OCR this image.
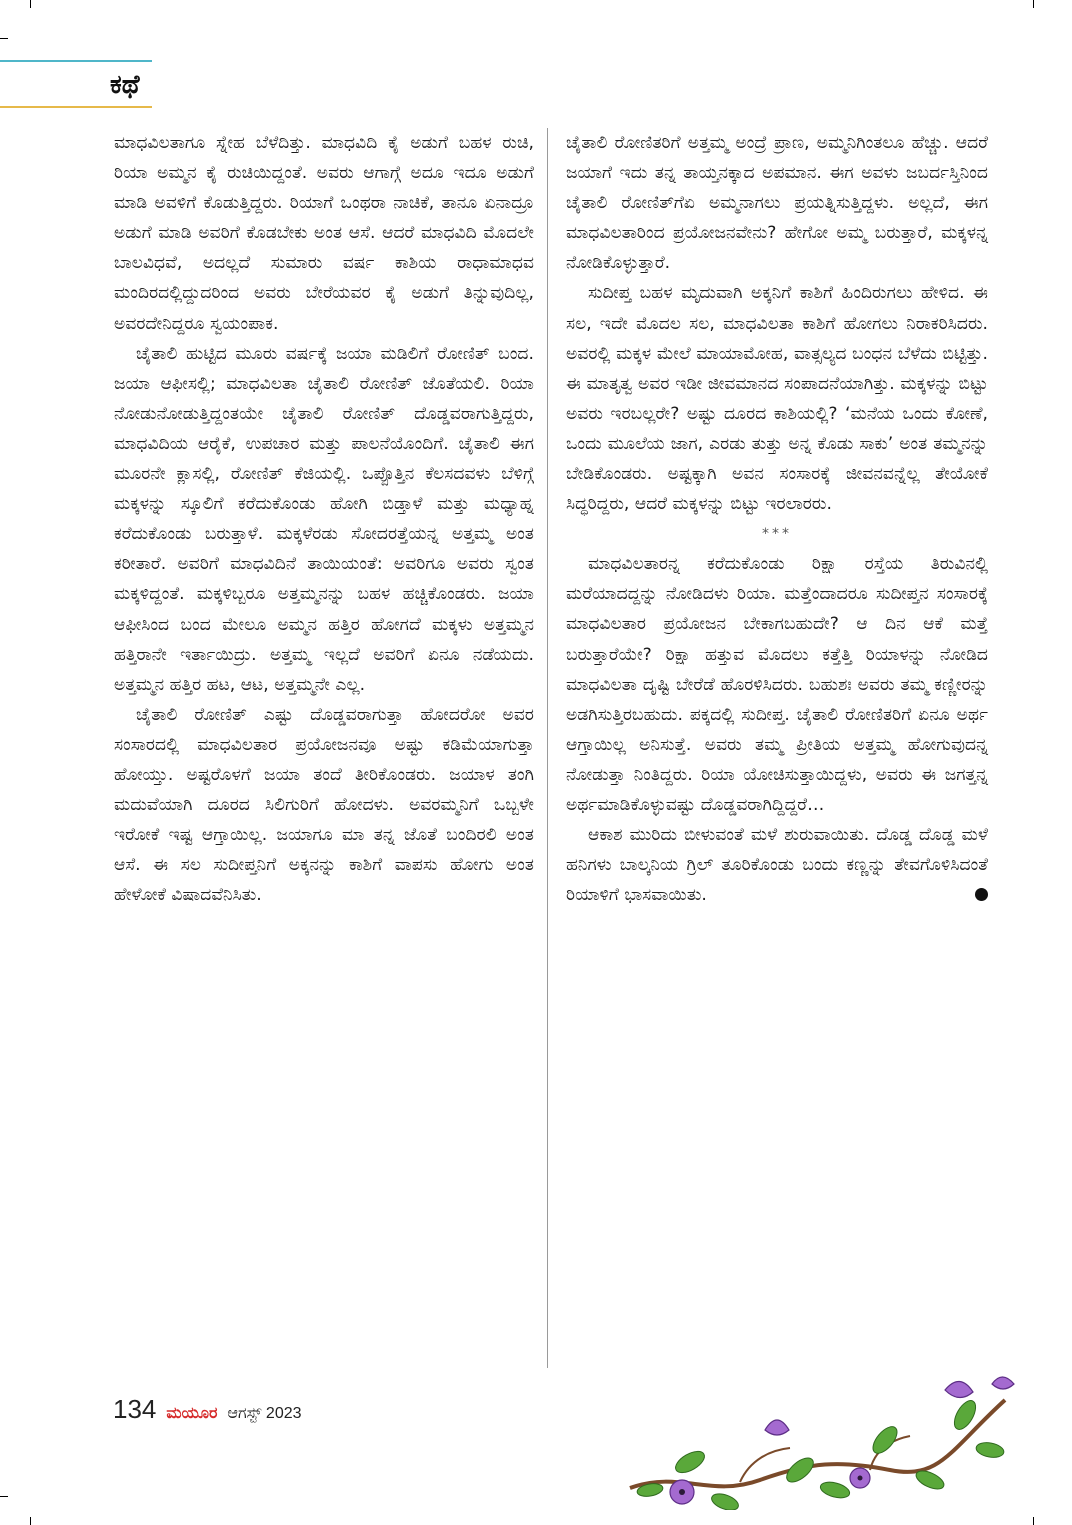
ಕಥೆ

ಮಾಧವಿಲತಾಗೂ ಸ್ನೇಹ ಬೆಳೆದಿತ್ತು. ಮಾಧವಿದಿ ಕೈ ಅಡುಗೆ ಬಹಳ ರುಚಿ, ರಿಯಾ ಅಮ್ಮನ ಕೈ ರುಚಿಯಿದ್ದಂತೆ. ಅವರು ಆಗಾಗ್ಗೆ ಅದೂ ಇದೂ ಅಡುಗೆ ಮಾಡಿ ಅವಳಿಗೆ ಕೊಡುತ್ತಿದ್ದರು. ರಿಯಾಗೆ ಒಂಥರಾ ನಾಚಿಕೆ, ತಾನೂ ಏನಾದ್ರೂ ಅಡುಗೆ ಮಾಡಿ ಅವರಿಗೆ ಕೊಡಬೇಕು ಅಂತ ಆಸೆ. ಆದರೆ ಮಾಧವಿದಿ ಮೊದಲೇ ಬಾಲವಿಧವೆ, ಅದಲ್ಲದೆ ಸುಮಾರು ವರ್ಷ ಕಾಶಿಯ ರಾಧಾಮಾಧವ ಮಂದಿರದಲ್ಲಿದ್ದುದರಿಂದ ಅವರು ಬೇರೆಯವರ ಕೈ ಅಡುಗೆ ತಿನ್ನುವುದಿಲ್ಲ, ಅವರದೇನಿದ್ದರೂ ಸ್ವಯಂಪಾಕ.

ಚೈತಾಲಿ ಹುಟ್ಟಿದ ಮೂರು ವರ್ಷಕ್ಕೆ ಜಯಾ ಮಡಿಲಿಗೆ ರೋಣಿತ್ ಬಂದ. ಜಯಾ ಆಫೀಸಲ್ಲಿ; ಮಾಧವಿಲತಾ ಚೈತಾಲಿ ರೋಣಿತ್ ಜೊತೆಯಲಿ. ರಿಯಾ ನೋಡುನೋಡುತ್ತಿದ್ದಂತಯೇ ಚೈತಾಲಿ ರೋಣಿತ್ ದೊಡ್ಡವರಾಗುತ್ತಿದ್ದರು, ಮಾಧವಿದಿಯ ಆರೈಕೆ, ಉಪಚಾರ ಮತ್ತು ಪಾಲನೆಯೊಂದಿಗೆ. ಚೈತಾಲಿ ಈಗ ಮೂರನೇ ಕ್ಲಾಸಲ್ಲಿ, ರೋಣಿತ್ ಕೆಜಿಯಲ್ಲಿ. ಒಪ್ಪೊತ್ತಿನ ಕೆಲಸದವಳು ಬೆಳಿಗ್ಗೆ ಮಕ್ಕಳನ್ನು ಸ್ಕೂಲಿಗೆ ಕರೆದುಕೊಂಡು ಹೋಗಿ ಬಿಡ್ತಾಳೆ ಮತ್ತು ಮಧ್ಯಾಹ್ನ ಕರೆದುಕೊಂಡು ಬರುತ್ತಾಳೆ. ಮಕ್ಕಳೆರಡು ಸೋದರತ್ತೆಯನ್ನ ಅತ್ತಮ್ಮ ಅಂತ ಕರೀತಾರೆ. ಅವರಿಗೆ ಮಾಧವಿದಿನೆ ತಾಯಿಯಂತೆ: ಅವರಿಗೂ ಅವರು ಸ್ವಂತ ಮಕ್ಕಳಿದ್ದಂತೆ. ಮಕ್ಕಳಿಬ್ಬರೂ ಅತ್ತಮ್ಮನನ್ನು ಬಹಳ ಹಚ್ಚಿಕೊಂಡರು. ಜಯಾ ಆಫೀಸಿಂದ ಬಂದ ಮೇಲೂ ಅಮ್ಮನ ಹತ್ತಿರ ಹೋಗದೆ ಮಕ್ಕಳು ಅತ್ತಮ್ಮನ ಹತ್ತಿರಾನೇ ಇರ್ತಾಯಿದ್ರು. ಅತ್ತಮ್ಮ ಇಲ್ಲದೆ ಅವರಿಗೆ ಏನೂ ನಡೆಯದು. ಅತ್ತಮ್ಮನ ಹತ್ತಿರ ಹಟ, ಆಟ, ಅತ್ತಮ್ಮನೇ ಎಲ್ಲ.

ಚೈತಾಲಿ ರೋಣಿತ್ ಎಷ್ಟು ದೊಡ್ಡವರಾಗುತ್ತಾ ಹೋದರೋ ಅವರ ಸಂಸಾರದಲ್ಲಿ ಮಾಧವಿಲತಾರ ಪ್ರಯೋಜನವೂ ಅಷ್ಟು ಕಡಿಮೆಯಾಗುತ್ತಾ ಹೋಯ್ತು. ಅಷ್ಟರೊಳಗೆ ಜಯಾ ತಂದೆ ತೀರಿಕೊಂಡರು. ಜಯಾಳ ತಂಗಿ ಮದುವೆಯಾಗಿ ದೂರದ ಸಿಲಿಗುರಿಗೆ ಹೋದಳು. ಅವರಮ್ಮನಿಗೆ ಒಬ್ಬಳೇ ಇರೋಕೆ ಇಷ್ಟ ಆಗ್ತಾಯಿಲ್ಲ. ಜಯಾಗೂ ಮಾ ತನ್ನ ಜೊತೆ ಬಂದಿರಲಿ ಅಂತ ಆಸೆ. ಈ ಸಲ ಸುದೀಪ್ತನಿಗೆ ಅಕ್ಕನನ್ನು ಕಾಶಿಗೆ ವಾಪಸು ಹೋಗು ಅಂತ ಹೇಳೋಕೆ ವಿಷಾದವೆನಿಸಿತು.

ಚೈತಾಲಿ ರೋಣಿತರಿಗೆ ಅತ್ತಮ್ಮ ಅಂದ್ರೆ ಪ್ರಾಣ, ಅಮ್ಮನಿಗಿಂತಲೂ ಹೆಚ್ಚು. ಆದರೆ ಜಯಾಗೆ ಇದು ತನ್ನ ತಾಯ್ತನಕ್ಕಾದ ಅಪಮಾನ. ಈಗ ಅವಳು ಜಬರ್ದಸ್ತಿನಿಂದ ಚೈತಾಲಿ ರೋಣಿತ್‌ಗೆಏ ಅಮ್ಮನಾಗಲು ಪ್ರಯತ್ನಿಸುತ್ತಿದ್ದಳು. ಅಲ್ಲದೆ, ಈಗ ಮಾಧವಿಲತಾರಿಂದ ಪ್ರಯೋಜನವೇನು? ಹೇಗೋ ಅಮ್ಮ ಬರುತ್ತಾರೆ, ಮಕ್ಕಳನ್ನ ನೋಡಿಕೊಳ್ಳುತ್ತಾರೆ.

ಸುದೀಪ್ತ ಬಹಳ ಮೃದುವಾಗಿ ಅಕ್ಕನಿಗೆ ಕಾಶಿಗೆ ಹಿಂದಿರುಗಲು ಹೇಳಿದ. ಈ ಸಲ, ಇದೇ ಮೊದಲ ಸಲ, ಮಾಧವಿಲತಾ ಕಾಶಿಗೆ ಹೋಗಲು ನಿರಾಕರಿಸಿದರು. ಅವರಲ್ಲಿ ಮಕ್ಕಳ ಮೇಲೆ ಮಾಯಾಮೋಹ, ವಾತ್ಸಲ್ಯದ ಬಂಧನ ಬೆಳೆದು ಬಿಟ್ಟಿತ್ತು. ಈ ಮಾತೃತ್ವ ಅವರ ಇಡೀ ಜೀವಮಾನದ ಸಂಪಾದನೆಯಾಗಿತ್ತು. ಮಕ್ಕಳನ್ನು ಬಿಟ್ಟು ಅವರು ಇರಬಲ್ಲರೇ? ಅಷ್ಟು ದೂರದ ಕಾಶಿಯಲ್ಲಿ? ‘ಮನೆಯ ಒಂದು ಕೋಣೆ, ಒಂದು ಮೂಲೆಯ ಜಾಗ, ಎರಡು ತುತ್ತು ಅನ್ನ ಕೊಡು ಸಾಕು’ ಅಂತ ತಮ್ಮನನ್ನು ಬೇಡಿಕೊಂಡರು. ಅಷ್ಟಕ್ಕಾಗಿ ಅವನ ಸಂಸಾರಕ್ಕೆ ಜೀವನವನ್ನೆಲ್ಲ ತೇಯೋಕೆ ಸಿದ್ಧರಿದ್ದರು, ಆದರೆ ಮಕ್ಕಳನ್ನು ಬಿಟ್ಟು ಇರಲಾರರು.

***

ಮಾಧವಿಲತಾರನ್ನ ಕರೆದುಕೊಂಡು ರಿಕ್ಷಾ ರಸ್ತೆಯ ತಿರುವಿನಲ್ಲಿ ಮರೆಯಾದದ್ದನ್ನು ನೋಡಿದಳು ರಿಯಾ. ಮತ್ತೆಂದಾದರೂ ಸುದೀಪ್ತನ ಸಂಸಾರಕ್ಕೆ ಮಾಧವಿಲತಾರ ಪ್ರಯೋಜನ ಬೇಕಾಗಬಹುದೇ? ಆ ದಿನ ಆಕೆ ಮತ್ತೆ ಬರುತ್ತಾರೆಯೇ? ರಿಕ್ಷಾ ಹತ್ತುವ ಮೊದಲು ಕತ್ತೆತ್ತಿ ರಿಯಾಳನ್ನು ನೋಡಿದ ಮಾಧವಿಲತಾ ದೃಷ್ಟಿ ಬೇರೆಡೆ ಹೊರಳಿಸಿದರು. ಬಹುಶಃ ಅವರು ತಮ್ಮ ಕಣ್ಣೀರನ್ನು ಅಡಗಿಸುತ್ತಿರಬಹುದು. ಪಕ್ಕದಲ್ಲಿ ಸುದೀಪ್ತ. ಚೈತಾಲಿ ರೋಣಿತರಿಗೆ ಏನೂ ಅರ್ಥ ಆಗ್ತಾಯಿಲ್ಲ ಅನಿಸುತ್ತೆ. ಅವರು ತಮ್ಮ ಪ್ರೀತಿಯ ಅತ್ತಮ್ಮ ಹೋಗುವುದನ್ನ ನೋಡುತ್ತಾ ನಿಂತಿದ್ದರು. ರಿಯಾ ಯೋಚಿಸುತ್ತಾಯಿದ್ದಳು, ಅವರು ಈ ಜಗತ್ತನ್ನ ಅರ್ಥಮಾಡಿಕೊಳ್ಳುವಷ್ಟು ದೊಡ್ಡವರಾಗಿದ್ದಿದ್ದರೆ…

ಆಕಾಶ ಮುರಿದು ಬೀಳುವಂತೆ ಮಳೆ ಶುರುವಾಯಿತು. ದೊಡ್ಡ ದೊಡ್ಡ ಮಳೆ ಹನಿಗಳು ಬಾಲ್ಕನಿಯ ಗ್ರಿಲ್ ತೂರಿಕೊಂಡು ಬಂದು ಕಣ್ಣನ್ನು ತೇವಗೊಳಿಸಿದಂತೆ ರಿಯಾಳಿಗೆ ಭಾಸವಾಯಿತು.

134 ಮಯೂರ ಆಗಸ್ಟ್ 2023
